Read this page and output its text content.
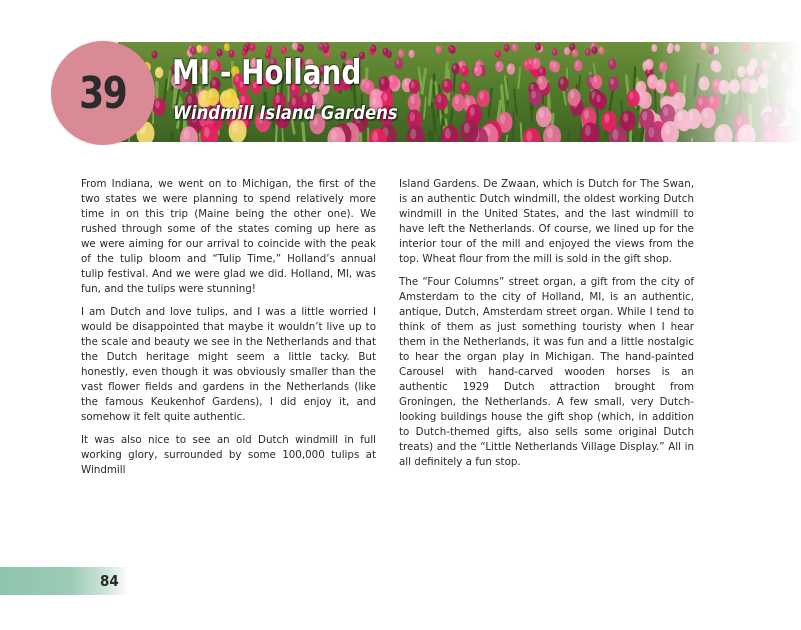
39 MI - Holland
Windmill Island Gardens

From Indiana, we went on to Michigan, the first of the two states we were planning to spend relatively more time in on this trip (Maine being the other one). We rushed through some of the states coming up here as we were aiming for our arrival to coincide with the peak of the tulip bloom and “Tulip Time,” Holland’s annual tulip festival. And we were glad we did. Holland, MI, was fun, and the tulips were stunning!

I am Dutch and love tulips, and I was a little worried I would be disappointed that maybe it wouldn’t live up to the scale and beauty we see in the Netherlands and that the Dutch heritage might seem a little tacky. But honestly, even though it was obviously smaller than the vast flower fields and gardens in the Netherlands (like the famous Keukenhof Gardens), I did enjoy it, and somehow it felt quite authentic.

It was also nice to see an old Dutch windmill in full working glory, surrounded by some 100,000 tulips at Windmill

Island Gardens. De Zwaan, which is Dutch for The Swan, is an authentic Dutch windmill, the oldest working Dutch windmill in the United States, and the last windmill to have left the Netherlands. Of course, we lined up for the interior tour of the mill and enjoyed the views from the top. Wheat flour from the mill is sold in the gift shop.

The “Four Columns” street organ, a gift from the city of Amsterdam to the city of Holland, MI, is an authentic, antique, Dutch, Amsterdam street organ. While I tend to think of them as just something touristy when I hear them in the Netherlands, it was fun and a little nostalgic to hear the organ play in Michigan. The hand-painted Carousel with hand-carved wooden horses is an authentic 1929 Dutch attraction brought from Groningen, the Netherlands. A few small, very Dutch-looking buildings house the gift shop (which, in addition to Dutch-themed gifts, also sells some original Dutch treats) and the “Little Netherlands Village Display.” All in all definitely a fun stop.

84
